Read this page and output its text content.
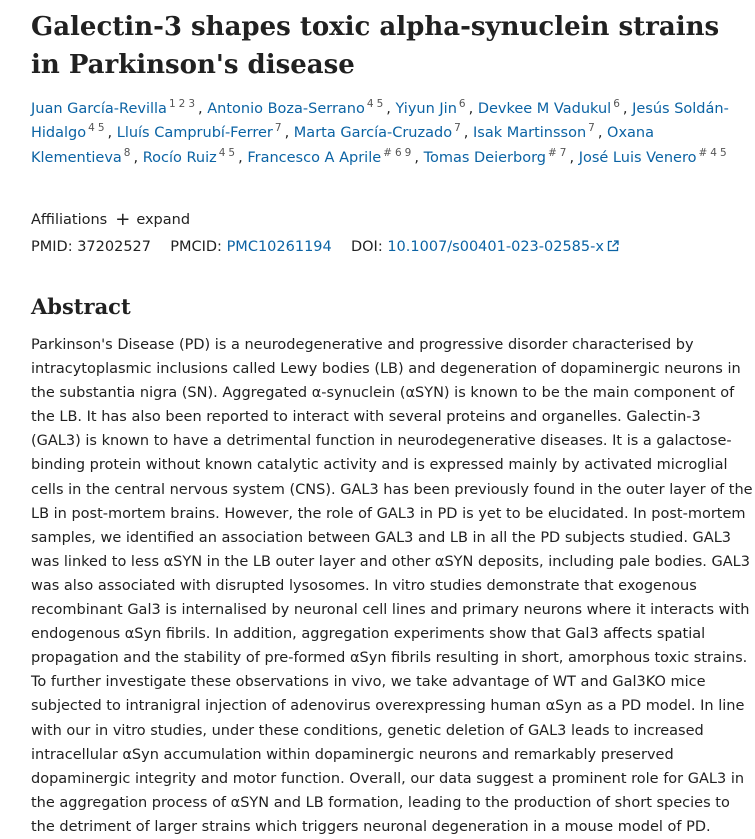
Galectin-3 shapes toxic alpha-synuclein strains in Parkinson's disease
Juan García-Revilla $^{1 2 3}$ , Antonio Boza-Serrano $^{4 5}$ , Yiyun Jin $^6$ , Devkee M Vadukul $^6$ , Jesús Soldán-Hidalgo $^{4 5}$ , Lluís Camprubí-Ferrer $^7$ , Marta García-Cruzado $^7$ , Isak Martinsson $^7$ , Oxana Klementieva $^8$ , Rocío Ruiz $^{4 5}$ , Francesco A Aprile $^{\# 6 9}$ , Tomas Deierborg $^{\# 7}$ , José Luis Venero $^{\# 4 5}$
Affiliations + expand
PMID: 37202527 PMCID: PMC10261194 DOI: 10.1007/s00401-023-02585-x
Abstract

Parkinson's Disease (PD) is a neurodegenerative and progressive disorder characterised by intracytoplasmic inclusions called Lewy bodies (LB) and degeneration of dopaminergic neurons in the substantia nigra (SN). Aggregated α-synuclein (αSYN) is known to be the main component of the LB. It has also been reported to interact with several proteins and organelles. Galectin-3 (GAL3) is known to have a detrimental function in neurodegenerative diseases. It is a galactose-binding protein without known catalytic activity and is expressed mainly by activated microglial cells in the central nervous system (CNS). GAL3 has been previously found in the outer layer of the LB in post-mortem brains. However, the role of GAL3 in PD is yet to be elucidated. In post-mortem samples, we identified an association between GAL3 and LB in all the PD subjects studied. GAL3 was linked to less αSYN in the LB outer layer and other αSYN deposits, including pale bodies. GAL3 was also associated with disrupted lysosomes. In vitro studies demonstrate that exogenous recombinant Gal3 is internalised by neuronal cell lines and primary neurons where it interacts with endogenous αSyn fibrils. In addition, aggregation experiments show that Gal3 affects spatial propagation and the stability of pre-formed αSyn fibrils resulting in short, amorphous toxic strains. To further investigate these observations in vivo, we take advantage of WT and Gal3KO mice subjected to intranigral injection of adenovirus overexpressing human αSyn as a PD model. In line with our in vitro studies, under these conditions, genetic deletion of GAL3 leads to increased intracellular αSyn accumulation within dopaminergic neurons and remarkably preserved dopaminergic integrity and motor function. Overall, our data suggest a prominent role for GAL3 in the aggregation process of αSYN and LB formation, leading to the production of short species to the detriment of larger strains which triggers neuronal degeneration in a mouse model of PD.
